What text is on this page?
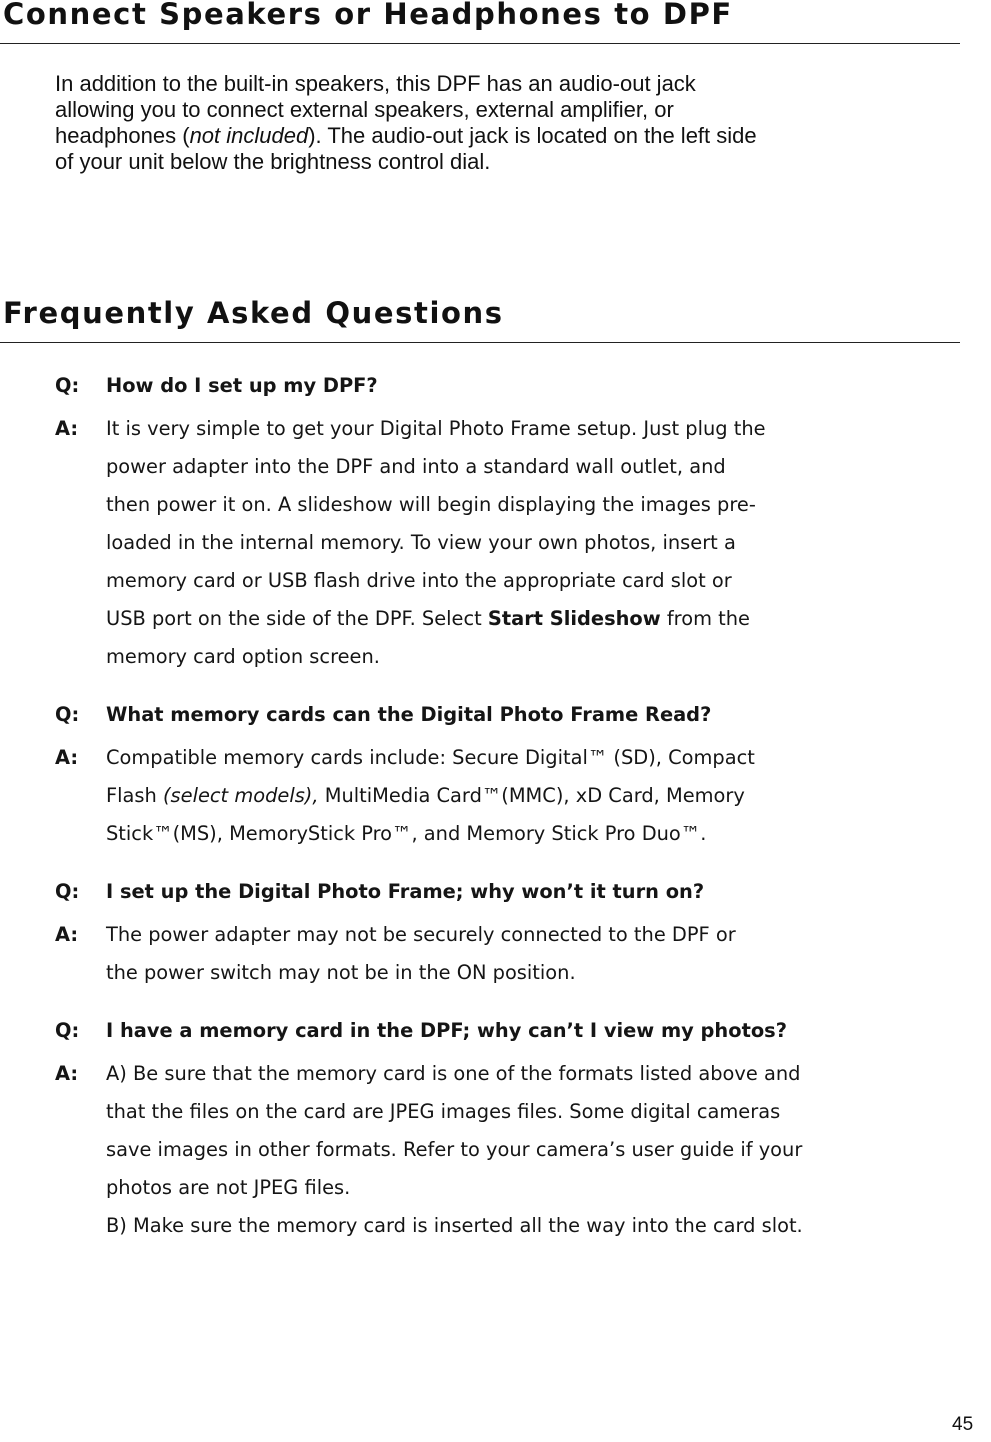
Connect Speakers or Headphones to DPF

In addition to the built-in speakers, this DPF has an audio-out jack

allowing you to connect external speakers, external amplifier, or

headphones (not included). The audio-out jack is located on the left side

of your unit below the brightness control dial.

Frequently Asked Questions
Q: How do I set up my DPF?
A: It is very simple to get your Digital Photo Frame setup. Just plug the
power adapter into the DPF and into a standard wall outlet, and
then power it on. A slideshow will begin displaying the images pre-
loaded in the internal memory. To view your own photos, insert a
memory card or USB flash drive into the appropriate card slot or
USB port on the side of the DPF. Select Start Slideshow from the
memory card option screen.
Q: What memory cards can the Digital Photo Frame Read?
A: Compatible memory cards include: Secure Digital™ (SD), Compact
Flash (select models), MultiMedia Card™(MMC), xD Card, Memory
Stick™(MS), MemoryStick Pro™, and Memory Stick Pro Duo™.
Q: I set up the Digital Photo Frame; why won’t it turn on?
A: The power adapter may not be securely connected to the DPF or
the power switch may not be in the ON position.
Q: I have a memory card in the DPF; why can’t I view my photos?
A: A) Be sure that the memory card is one of the formats listed above and
that the files on the card are JPEG images files. Some digital cameras
save images in other formats. Refer to your camera’s user guide if your
photos are not JPEG files.
B) Make sure the memory card is inserted all the way into the card slot.
45
